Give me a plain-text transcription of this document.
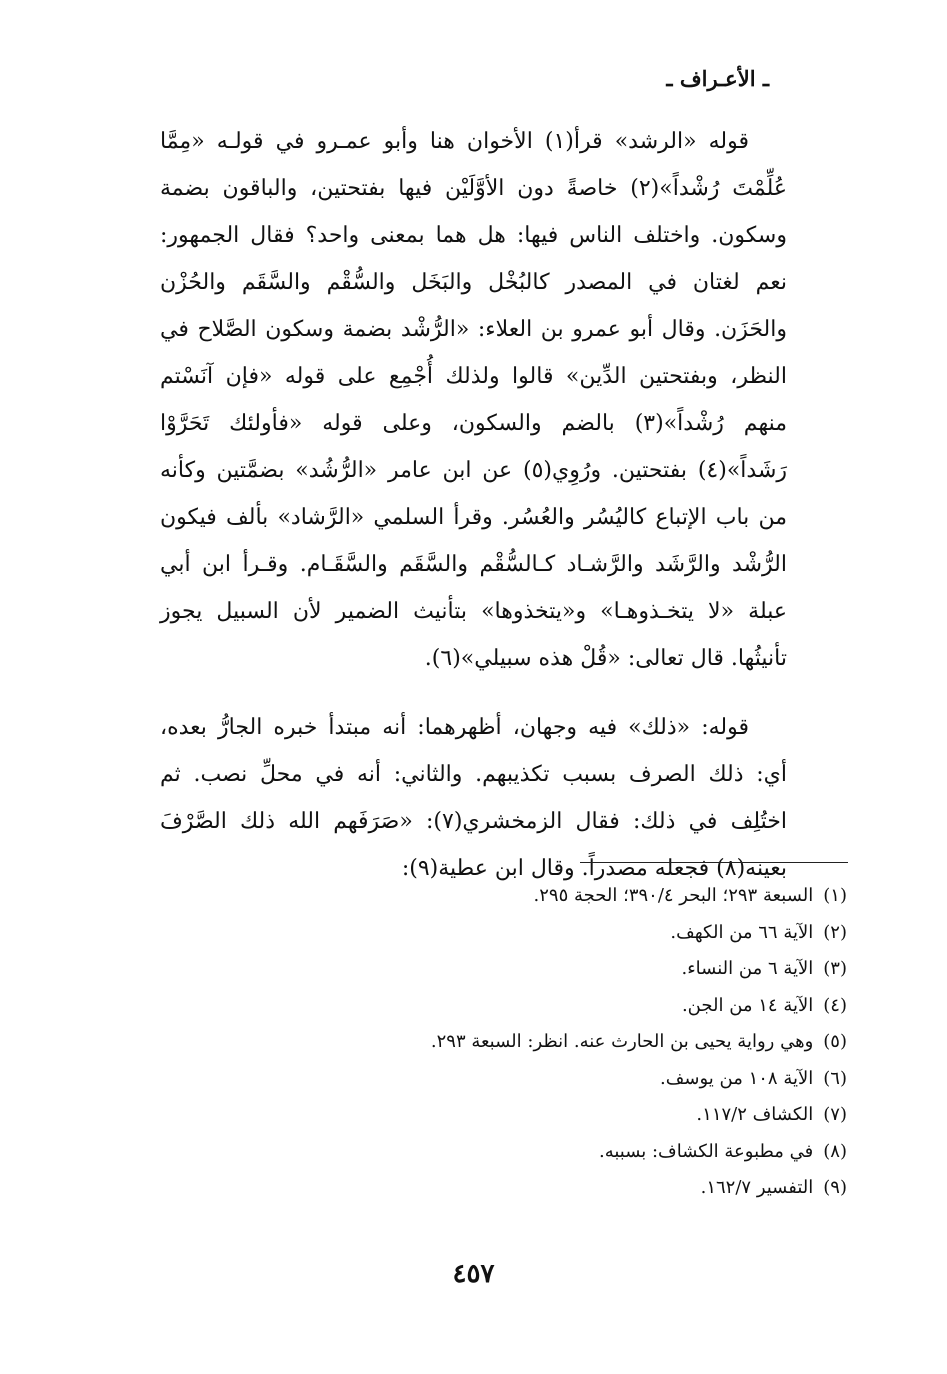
ـ الأعـراف ـ

قوله «الرشد» قرأ(١) الأخوان هنا وأبو عمـرو في قولـه «مِمَّا عُلِّمْتَ رُشْداً»(٢) خاصةً دون الأوَّلَيْن فيها بفتحتين، والباقون بضمة وسكون. واختلف الناس فيها: هل هما بمعنى واحد؟ فقال الجمهور: نعم لغتان في المصدر كالبُخْل والبَخَل والسُّقْم والسَّقَم والحُزْن والحَزَن. وقال أبو عمرو بن العلاء: «الرُّشْد بضمة وسكون الصَّلاح في النظر، وبفتحتين الدِّين» قالوا ولذلك أُجْمِع على قوله «فإن آنَسْتم منهم رُشْداً»(٣) بالضم والسكون، وعلى قوله «فأولئك تَحَرَّوْا رَشَداً»(٤) بفتحتين. ورُوِي(٥) عن ابن عامر «الرُّشُد» بضمَّتين وكأنه من باب الإتباع كاليُسُر والعُسُر. وقرأ السلمي «الرَّشاد» بألف فيكون الرُّشْد والرَّشَد والرَّشـاد كـالسُّقْم والسَّقَم والسَّقَـام. وقـرأ ابن أبي عبلة «لا يتخـذوهـا» و«يتخذوها» بتأنيث الضمير لأن السبيل يجوز تأنيثُها. قال تعالى: «قُلْ هذه سبيلي»(٦).

قوله: «ذلك» فيه وجهان، أظهرهما: أنه مبتدأ خبره الجارُّ بعده، أي: ذلك الصرف بسبب تكذيبهم. والثاني: أنه في محلِّ نصب. ثم اختُلِف في ذلك: فقال الزمخشري(٧): «صَرَفَهم الله ذلك الصَّرْفَ بعينه(٨) فجعله مصدراً. وقال ابن عطية(٩):

(١)السبعة ٢٩٣؛ البحر ٣٩٠/٤؛ الحجة ٢٩٥.
(٢)الآية ٦٦ من الكهف.
(٣)الآية ٦ من النساء.
(٤)الآية ١٤ من الجن.
(٥)وهي رواية يحيى بن الحارث عنه. انظر: السبعة ٢٩٣.
(٦)الآية ١٠٨ من يوسف.
(٧)الكشاف ١١٧/٢.
(٨)في مطبوعة الكشاف: بسببه.
(٩)التفسير ١٦٢/٧.
٤٥٧
